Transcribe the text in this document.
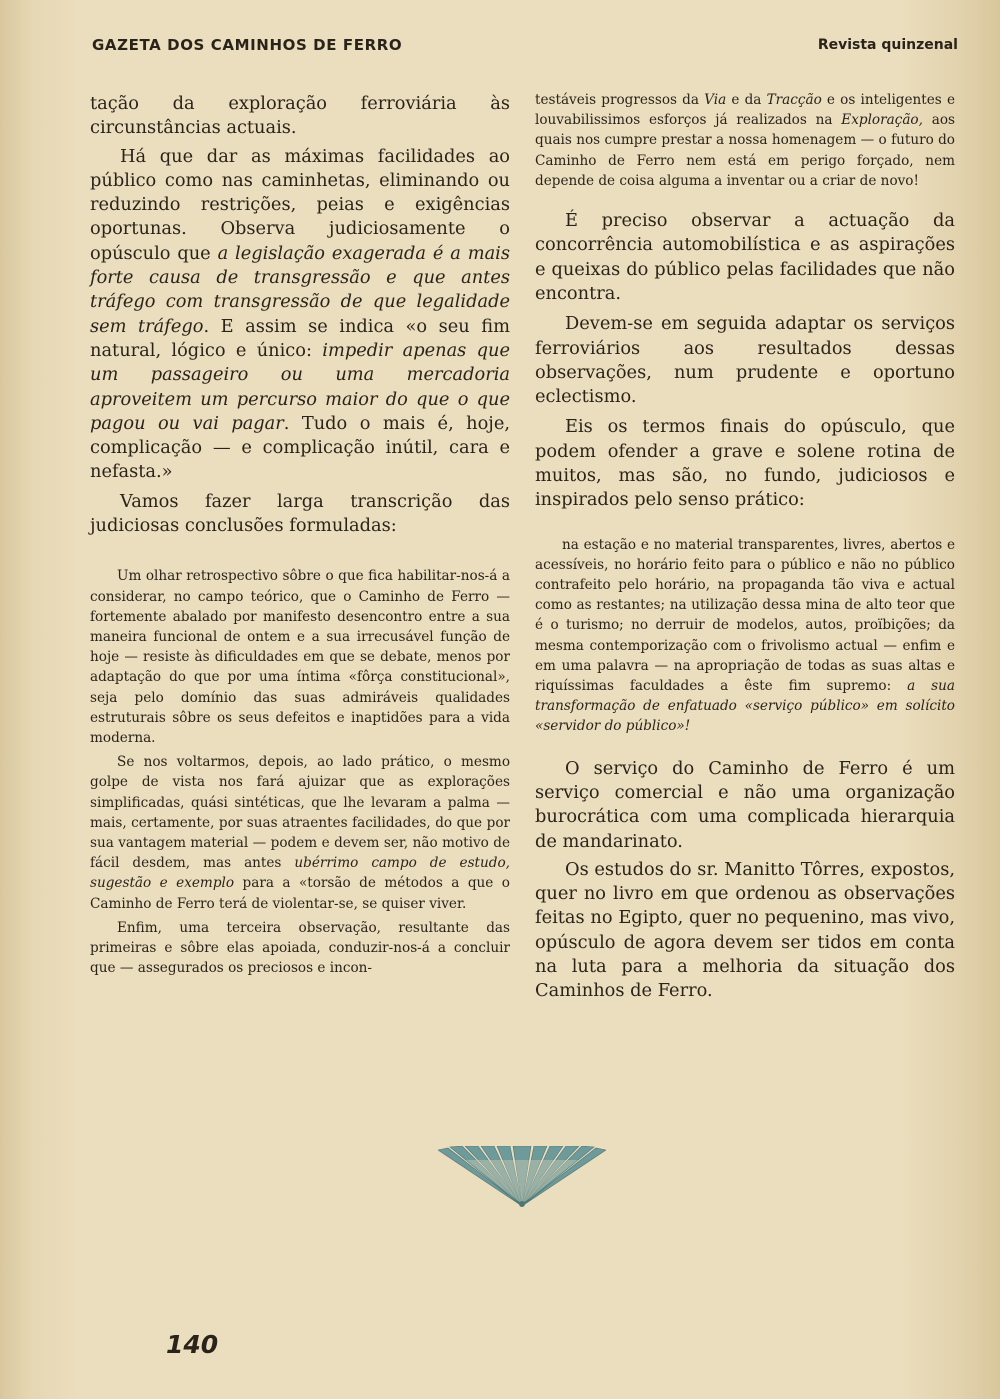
GAZETA DOS CAMINHOS DE FERRO	Revista quinzenal

tação da exploração ferroviária às circunstâncias actuais.

Há que dar as máximas facilidades ao público como nas caminhetas, eliminando ou reduzindo restrições, peias e exigências oportunas. Observa judiciosamente o opúsculo que a legislação exagerada é a mais forte causa de transgressão e que antes tráfego com transgressão de que legalidade sem tráfego. E assim se indica «o seu fim natural, lógico e único: impedir apenas que um passageiro ou uma mercadoria aproveitem um percurso maior do que o que pagou ou vai pagar. Tudo o mais é, hoje, complicação — e complicação inútil, cara e nefasta.»

Vamos fazer larga transcrição das judiciosas conclusões formuladas:

Um olhar retrospectivo sôbre o que fica habilitar-nos-á a considerar, no campo teórico, que o Caminho de Ferro — fortemente abalado por manifesto desencontro entre a sua maneira funcional de ontem e a sua irrecusável função de hoje — resiste às dificuldades em que se debate, menos por adaptação do que por uma íntima «fôrça constitucional», seja pelo domínio das suas admiráveis qualidades estruturais sôbre os seus defeitos e inaptidões para a vida moderna.

Se nos voltarmos, depois, ao lado prático, o mesmo golpe de vista nos fará ajuizar que as explorações simplificadas, quási sintéticas, que lhe levaram a palma — mais, certamente, por suas atraentes facilidades, do que por sua vantagem material — podem e devem ser, não motivo de fácil desdem, mas antes ubérrimo campo de estudo, sugestão e exemplo para a «torsão de métodos a que o Caminho de Ferro terá de violentar-se, se quiser viver.

Enfim, uma terceira observação, resultante das primeiras e sôbre elas apoiada, conduzir-nos-á a concluir que — assegurados os preciosos e incon-

testáveis progressos da Via e da Tracção e os inteligentes e louvabilissimos esforços já realizados na Exploração, aos quais nos cumpre prestar a nossa homenagem — o futuro do Caminho de Ferro nem está em perigo forçado, nem depende de coisa alguma a inventar ou a criar de novo!

É preciso observar a actuação da concorrência automobilística e as aspirações e queixas do público pelas facilidades que não encontra.

Devem-se em seguida adaptar os serviços ferroviários aos resultados dessas observações, num prudente e oportuno eclectismo.

Eis os termos finais do opúsculo, que podem ofender a grave e solene rotina de muitos, mas são, no fundo, judiciosos e inspirados pelo senso prático:

na estação e no material transparentes, livres, abertos e acessíveis, no horário feito para o público e não no público contrafeito pelo horário, na propaganda tão viva e actual como as restantes; na utilização dessa mina de alto teor que é o turismo; no derruir de modelos, autos, proïbições; da mesma contemporização com o frivolismo actual — enfim e em uma palavra — na apropriação de todas as suas altas e riquíssimas faculdades a êste fim supremo: a sua transformação de enfatuado «serviço público» em solícito «servidor do público»!

O serviço do Caminho de Ferro é um serviço comercial e não uma organização burocrática com uma complicada hierarquia de mandarinato.

Os estudos do sr. Manitto Tôrres, expostos, quer no livro em que ordenou as observações feitas no Egipto, quer no pequenino, mas vivo, opúsculo de agora devem ser tidos em conta na luta para a melhoria da situação dos Caminhos de Ferro.

140
